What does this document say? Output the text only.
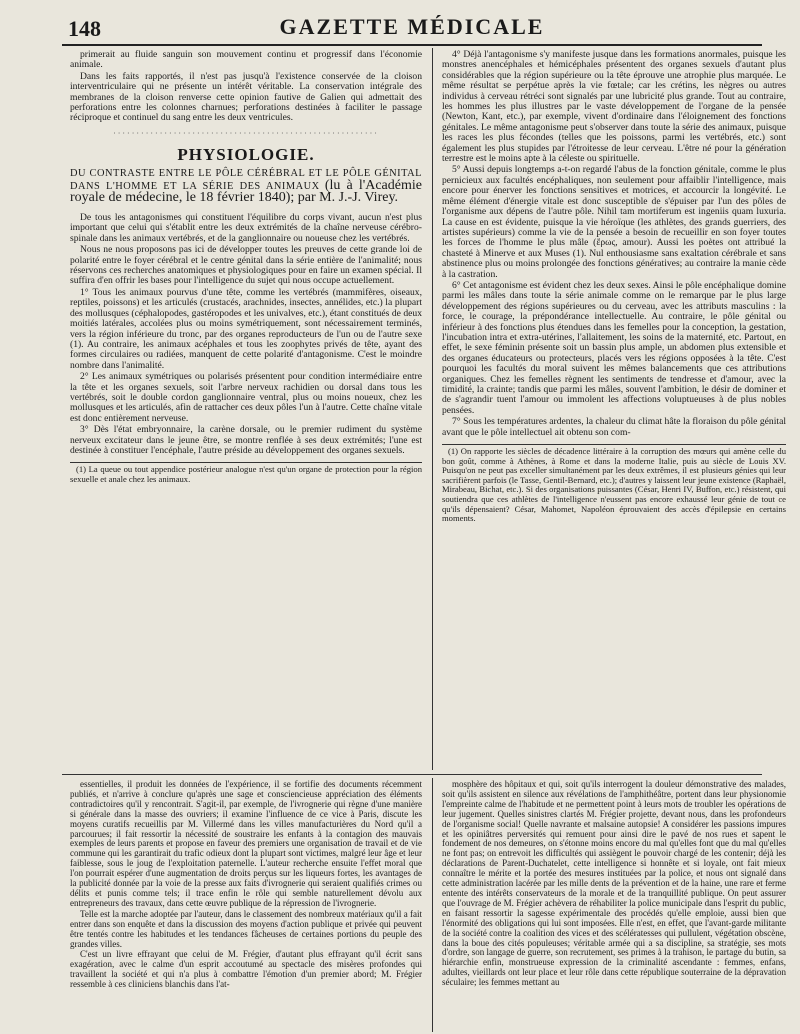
148	GAZETTE MÉDICALE

primerait au fluide sanguin son mouvement continu et progressif dans l'économie animale.

Dans les faits rapportés, il n'est pas jusqu'à l'existence conservée de la cloison interventriculaire qui ne présente un intérêt véritable. La conservation intégrale des membranes de la cloison renverse cette opinion fautive de Galien qui admettait des perforations entre les colonnes charnues; perforations destinées à faciliter le passage réciproque et continuel du sang entre les deux ventricules.

·························································
PHYSIOLOGIE.
DU CONTRASTE ENTRE LE PÔLE CÉRÉBRAL ET LE PÔLE GÉNITAL DANS L'HOMME ET LA SÉRIE DES ANIMAUX (lu à l'Académie royale de médecine, le 18 février 1840); par M. J.-J. Virey.

De tous les antagonismes qui constituent l'équilibre du corps vivant, aucun n'est plus important que celui qui s'établit entre les deux extrémités de la chaîne nerveuse cérébro-spinale dans les animaux vertébrés, et de la ganglionnaire ou noueuse chez les vertébrés.

Nous ne nous proposons pas ici de développer toutes les preuves de cette grande loi de polarité entre le foyer cérébral et le centre génital dans la série entière de l'animalité; nous réservons ces recherches anatomiques et physiologiques pour en faire un examen spécial. Il suffira d'en offrir les bases pour l'intelligence du sujet qui nous occupe actuellement.

1° Tous les animaux pourvus d'une tête, comme les vertébrés (mammifères, oiseaux, reptiles, poissons) et les articulés (crustacés, arachnides, insectes, annélides, etc.) la plupart des mollusques (céphalopodes, gastéropodes et les univalves, etc.), étant constitués de deux moitiés latérales, accolées plus ou moins symétriquement, sont nécessairement terminés, vers la région inférieure du tronc, par des organes reproducteurs de l'un ou de l'autre sexe (1). Au contraire, les animaux acéphales et tous les zoophytes privés de tête, ayant des formes circulaires ou radiées, manquent de cette polarité d'antagonisme. C'est le moindre nombre dans l'animalité.

2° Les animaux symétriques ou polarisés présentent pour condition intermédiaire entre la tête et les organes sexuels, soit l'arbre nerveux rachidien ou dorsal dans tous les vertébrés, soit le double cordon ganglionnaire ventral, plus ou moins noueux, chez les mollusques et les articulés, afin de rattacher ces deux pôles l'un à l'autre. Cette chaîne vitale est donc entièrement nerveuse.

3° Dès l'état embryonnaire, la carène dorsale, ou le premier rudiment du système nerveux excitateur dans le jeune être, se montre renflée à ses deux extrémités; l'une est destinée à constituer l'encéphale, l'autre préside au développement des organes sexuels.

(1) La queue ou tout appendice postérieur analogue n'est qu'un organe de protection pour la région sexuelle et anale chez les animaux.

4° Déjà l'antagonisme s'y manifeste jusque dans les formations anormales, puisque les monstres anencéphales et hémicéphales présentent des organes sexuels d'autant plus considérables que la région supérieure ou la tête éprouve une atrophie plus marquée. Le même résultat se perpétue après la vie fœtale; car les crétins, les nègres ou autres individus à cerveau rétréci sont signalés par une lubricité plus grande. Tout au contraire, les hommes les plus illustres par le vaste développement de l'organe de la pensée (Newton, Kant, etc.), par exemple, vivent d'ordinaire dans l'éloignement des fonctions génitales. Le même antagonisme peut s'observer dans toute la série des animaux, puisque les races les plus fécondes (telles que les poissons, parmi les vertébrés, etc.) sont également les plus stupides par l'étroitesse de leur cerveau. L'être né pour la génération terrestre est le moins apte à la céleste ou spirituelle.

5° Aussi depuis longtemps a-t-on regardé l'abus de la fonction génitale, comme le plus pernicieux aux facultés encéphaliques, non seulement pour affaiblir l'intelligence, mais encore pour énerver les fonctions sensitives et motrices, et accourcir la longévité. Le même élément d'énergie vitale est donc susceptible de s'épuiser par l'un des pôles de l'organisme aux dépens de l'autre pôle. Nihil tam mortiferum est ingeniis quam luxuria. La cause en est évidente, puisque la vie héroïque (les athlètes, des grands guerriers, des artistes supérieurs) comme la vie de la pensée a besoin de recueillir en son foyer toutes les forces de l'homme le plus mâle (ἔρως, amour). Aussi les poètes ont attribué la chasteté à Minerve et aux Muses (1). Nul enthousiasme sans exaltation cérébrale et sans abstinence plus ou moins prolongée des fonctions génératives; au contraire la manie cède à la castration.

6° Cet antagonisme est évident chez les deux sexes. Ainsi le pôle encéphalique domine parmi les mâles dans toute la série animale comme on le remarque par le plus large développement des régions supérieures ou du cerveau, avec les attributs masculins : la force, le courage, la prépondérance intellectuelle. Au contraire, le pôle génital ou inférieur à des fonctions plus étendues dans les femelles pour la conception, la gestation, l'incubation intra et extra-utérines, l'allaitement, les soins de la maternité, etc. Partout, en effet, le sexe féminin présente soit un bassin plus ample, un abdomen plus extensible et des organes éducateurs ou protecteurs, placés vers les régions opposées à la tête. C'est pourquoi les facultés du moral suivent les mêmes balancements que ces attributions organiques. Chez les femelles règnent les sentiments de tendresse et d'amour, avec la timidité, la crainte; tandis que parmi les mâles, souvent l'ambition, le désir de dominer et de s'agrandir tuent l'amour ou immolent les affections voluptueuses à de plus nobles pensées.

7° Sous les températures ardentes, la chaleur du climat hâte la floraison du pôle génital avant que le pôle intellectuel ait obtenu son com-

(1) On rapporte les siècles de décadence littéraire à la corruption des mœurs qui amène celle du bon goût, comme à Athènes, à Rome et dans la moderne Italie, puis au siècle de Louis XV. Puisqu'on ne peut pas exceller simultanément par les deux extrêmes, il est plusieurs génies qui leur sacrifièrent parfois (le Tasse, Gentil-Bernard, etc.); d'autres y laissent leur jeune existence (Raphaël, Mirabeau, Bichat, etc.). Si des organisations puissantes (César, Henri IV, Buffon, etc.) résistent, qui soutiendra que ces athlètes de l'intelligence n'eussent pas encore exhaussé leur génie de tout ce qu'ils dépensaient? César, Mahomet, Napoléon éprouvaient des accès d'épilepsie en certains moments.

essentielles, il produit les données de l'expérience, il se fortifie des documents récemment publiés, et n'arrive à conclure qu'après une sage et consciencieuse appréciation des éléments contradictoires qu'il y rencontrait. S'agit-il, par exemple, de l'ivrognerie qui règne d'une manière si générale dans la masse des ouvriers; il examine l'influence de ce vice à Paris, discute les moyens curatifs recueillis par M. Villermé dans les villes manufacturières du Nord qu'il a parcourues; il fait ressortir la nécessité de soustraire les enfants à la contagion des mauvais exemples de leurs parents et propose en faveur des premiers une organisation de travail et de vie commune qui les garantirait du trafic odieux dont la plupart sont victimes, malgré leur âge et leur faiblesse, sous le joug de l'exploitation paternelle. L'auteur recherche ensuite l'effet moral que l'on pourrait espérer d'une augmentation de droits perçus sur les liqueurs fortes, les avantages de la publicité donnée par la voie de la presse aux faits d'ivrognerie qui seraient qualifiés crimes ou délits et punis comme tels; il trace enfin le rôle qui semble naturellement dévolu aux entrepreneurs des travaux, dans cette œuvre publique de la répression de l'ivrognerie.

Telle est la marche adoptée par l'auteur, dans le classement des nombreux matériaux qu'il a fait entrer dans son enquête et dans la discussion des moyens d'action publique et privée qui peuvent être tentés contre les habitudes et les tendances fâcheuses de certaines portions du peuple des grandes villes.

C'est un livre effrayant que celui de M. Frégier, d'autant plus effrayant qu'il écrit sans exagération, avec le calme d'un esprit accoutumé au spectacle des misères profondes qui travaillent la société et qui n'a plus à combattre l'émotion d'un premier abord; M. Frégier ressemble à ces cliniciens blanchis dans l'at-

mosphère des hôpitaux et qui, soit qu'ils interrogent la douleur démonstrative des malades, soit qu'ils assistent en silence aux révélations de l'amphithéâtre, portent dans leur physionomie l'empreinte calme de l'habitude et ne permettent point à leurs mots de troubler les opérations de leur jugement. Quelles sinistres clartés M. Frégier projette, devant nous, dans les profondeurs de l'organisme social! Quelle navrante et malsaine autopsie! A considérer les passions impures et les opiniâtres perversités qui remuent pour ainsi dire le pavé de nos rues et sapent le fondement de nos demeures, on s'étonne moins encore du mal qu'elles font que du mal qu'elles ne font pas; on entrevoit les difficultés qui assiègent le pouvoir chargé de les contenir; déjà les déclarations de Parent-Duchatelet, cette intelligence si honnête et si loyale, ont fait mieux connaître le mérite et la portée des mesures instituées par la police, et nous ont signalé dans cette administration lacérée par les mille dents de la prévention et de la haine, une rare et ferme entente des intérêts conservateurs de la morale et de la tranquillité publique. On peut assurer que l'ouvrage de M. Frégier achèvera de réhabiliter la police municipale dans l'esprit du public, en faisant ressortir la sagesse expérimentale des procédés qu'elle emploie, aussi bien que l'énormité des obligations qui lui sont imposées. Elle n'est, en effet, que l'avant-garde militante de la société contre la coalition des vices et des scélératesses qui pullulent, végétation obscène, dans la boue des cités populeuses; véritable armée qui a sa discipline, sa stratégie, ses mots d'ordre, son langage de guerre, son recrutement, ses primes à la trahison, le partage du butin, sa hiérarchie enfin, monstrueuse expression de la criminalité ascendante : femmes, enfans, adultes, vieillards ont leur place et leur rôle dans cette république souterraine de la dépravation séculaire; les femmes mettant au
